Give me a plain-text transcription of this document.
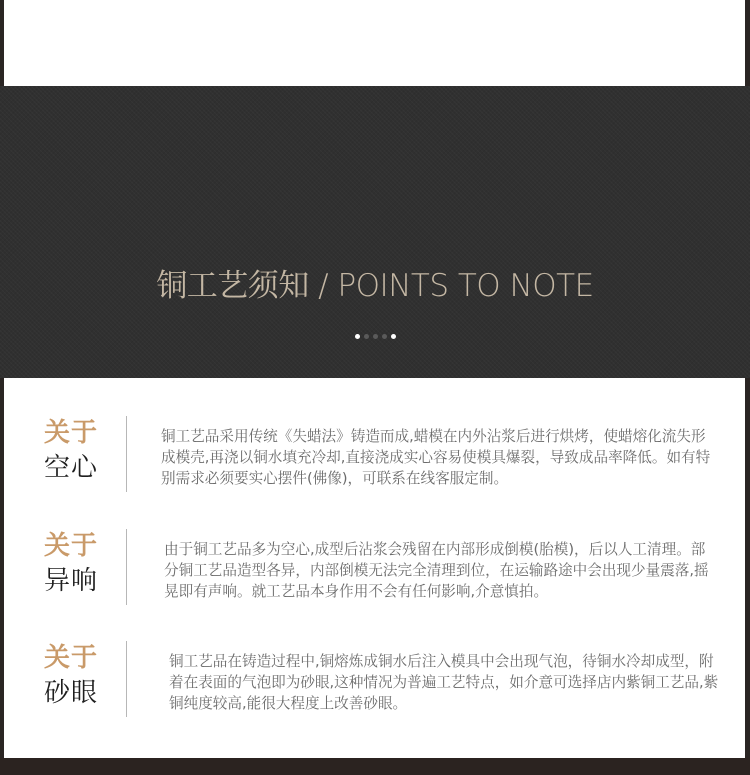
铜工艺须知 / POINTS TO NOTE
关于
空心
铜工艺品采用传统《失蜡法》铸造而成,蜡模在内外沾浆后进行烘烤，使蜡熔化流失形成模壳,再浇以铜水填充冷却,直接浇成实心容易使模具爆裂，导致成品率降低。如有特别需求必须要实心摆件(佛像)，可联系在线客服定制。
关于
异响
由于铜工艺品多为空心,成型后沾浆会残留在内部形成倒模(胎模)，后以人工清理。部分铜工艺品造型各异，内部倒模无法完全清理到位，在运输路途中会出现少量震落,摇晃即有声响。就工艺品本身作用不会有任何影响,介意慎拍。
关于
砂眼
铜工艺品在铸造过程中,铜熔炼成铜水后注入模具中会出现气泡，待铜水冷却成型，附着在表面的气泡即为砂眼,这种情况为普遍工艺特点，如介意可选择店内紫铜工艺品,紫铜纯度较高,能很大程度上改善砂眼。
